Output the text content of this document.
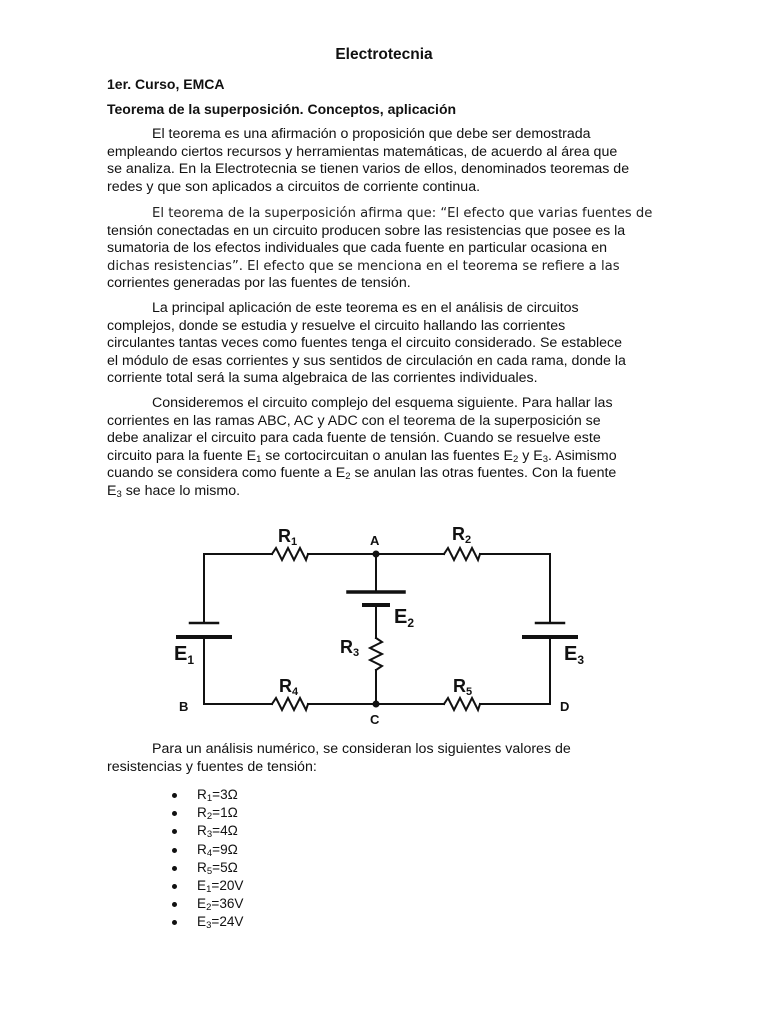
Electrotecnia
1er. Curso, EMCA
Teorema de la superposición. Conceptos, aplicación
El teorema es una afirmación o proposición que debe ser demostrada
empleando ciertos recursos y herramientas matemáticas, de acuerdo al área que
se analiza. En la Electrotecnia se tienen varios de ellos, denominados teoremas de
redes y que son aplicados a circuitos de corriente continua.
El teorema de la superposición afirma que: “El efecto que varias fuentes de
tensión conectadas en un circuito producen sobre las resistencias que posee es la
sumatoria de los efectos individuales que cada fuente en particular ocasiona en
dichas resistencias”. El efecto que se menciona en el teorema se refiere a las
corrientes generadas por las fuentes de tensión.
La principal aplicación de este teorema es en el análisis de circuitos
complejos, donde se estudia y resuelve el circuito hallando las corrientes
circulantes tantas veces como fuentes tenga el circuito considerado. Se establece
el módulo de esas corrientes y sus sentidos de circulación en cada rama, donde la
corriente total será la suma algebraica de las corrientes individuales.
Consideremos el circuito complejo del esquema siguiente. Para hallar las
corrientes en las ramas ABC, AC y ADC con el teorema de la superposición se
debe analizar el circuito para cada fuente de tensión. Cuando se resuelve este
circuito para la fuente $E_1$ se cortocircuitan o anulan las fuentes $E_2$ y $E_3$. Asimismo
cuando se considera como fuente a $E_2$ se anulan las otras fuentes. Con la fuente
$E_3$ se hace lo mismo.
R1	R2
R3
R4	R5
$E_1$
$E_2$
$E_3$
A
B
C
D
Para un análisis numérico, se consideran los siguientes valores de
resistencias y fuentes de tensión:
$R_1=3\Omega$
$R_2=1\Omega$
$R_3=4\Omega$
$R_4=9\Omega$
$R_5=5\Omega$
$E_1=20V$
$E_2=36V$
$E_3=24V$
